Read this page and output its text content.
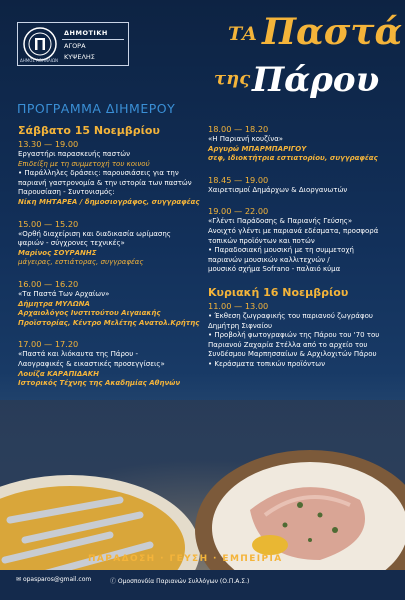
ΔΗΜΟΤΙΚΗ
ΑΓΟΡΑ
ΚΥΨΕΛΗΣ
ΔΗΜΟΣ ΑΘΗΝΑΙΩΝ
ΤΑ Παστά
της Πάρου
ΠΡΟΓΡΑΜΜΑ ΔΙΗΜΕΡΟΥ
Σάββατο 15 Νοεμβρίου
13.30 — 19.00
Εργαστήρι παρασκευής παστών
Επιδείξη με τη συμμετοχή του κοινού
• Παράλληλες δράσεις: παρουσιάσεις για την
παριανή γαστρονομία & την ιστορία των παστών
Παρουσίαση - Συντονισμός:
Νίκη ΜΗΤΑΡΕΑ / δημοσιογράφος, συγγραφέας
15.00 — 15.20
«Ορθή διαχείριση και διαδικασία ωρίμασης
ψαριών - σύγχρονες τεχνικές»
Μαρίνος ΣΟΥΡΑΝΗΣ
μάγειρας, εστιάτορας, συγγραφέας
16.00 — 16.20
«Τα Παστά Των Αρχαίων»
Δήμητρα ΜΥΛΩΝΑ
Αρχαιολόγος Ινστιτούτου Αιγαιακής Προϊστορίας, Κέντρο Μελέτης Ανατολ.Κρήτης
17.00 — 17.20
«Παστά και λιόκαυτα της Πάρου -
Λαογραφικές & εικαστικές προσεγγίσεις»
Λουίζα ΚΑΡΑΠΙΔΑΚΗ
Ιστορικός Τέχνης της Ακαδημίας Αθηνών
18.00 — 18.20
«Η Παριανή κουζίνα»
Αργυρώ ΜΠΑΡΜΠΑΡΙΓΟΥ
σεφ, ιδιοκτήτρια εστιατορίου, συγγραφέας
18.45 — 19.00
Χαιρετισμοί Δημάρχων & Διοργανωτών
19.00 — 22.00
«Γλέντι Παράδοσης & Παριανής Γεύσης»
Ανοιχτό γλέντι με παριανά εδέσματα, προσφορά
τοπικών προϊόντων και ποτών
• Παραδοσιακή μουσική με τη συμμετοχή
παριανών μουσικών καλλιτεχνών /
μουσικό σχήμα Sofrano - παλαιό κύμα
Κυριακή 16 Νοεμβρίου
11.00 — 13.00
• Έκθεση ζωγραφικής του παριανού ζωγράφου
Δημήτρη Σιφναίου
• Προβολή φωτογραφιών της Πάρου του '70 του
Παριανού Ζαχαρία Στέλλα από το αρχείο του
Συνδέσμου Μαρπησσαίων & Αρχιλοχιτών Πάρου
• Κεράσματα τοπικών προϊόντων
ΠΑΡΑΔΟΣΗ · ΓΕΥΣΗ · ΕΜΠΕΙΡΙΑ
✉ opasparos@gmail.com	ⓕ Ομοσπονδία Παριανών Συλλόγων (Ο.Π.Α.Σ.)
